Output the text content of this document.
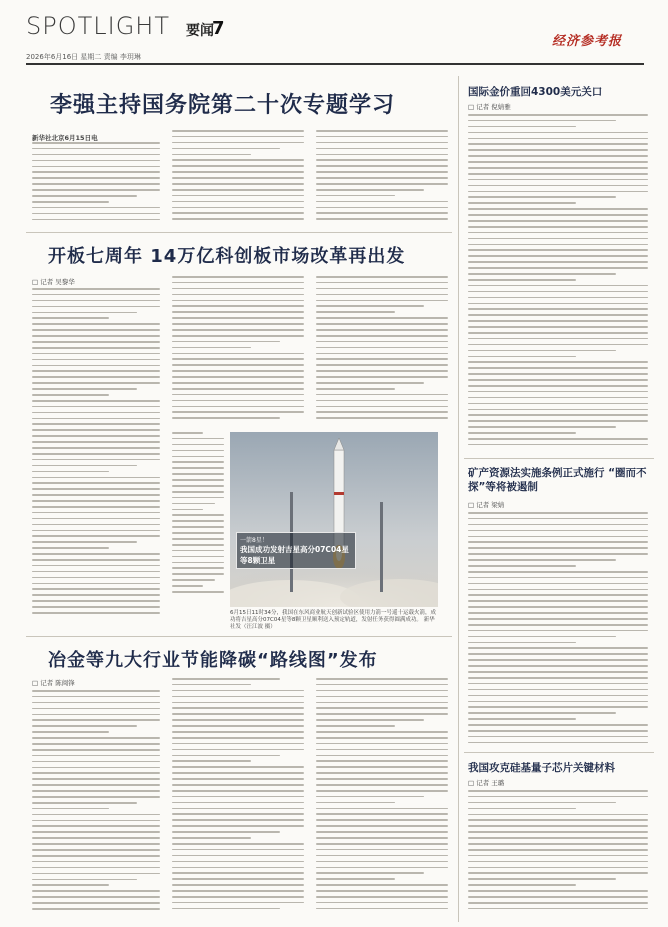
SPOTLIGHT 要闻
7
2026年6月16日 星期二 责编 李玥琳
经济参考报
李强主持国务院第二十次专题学习
新华社北京6月15日电
开板七周年 14万亿科创板市场改革再出发
□ 记者 吴黎华
一箭8星！
我国成功发射吉星高分07C04星等8颗卫星
6月15日11时34分，我国在东风商业航天创新试验区使用力箭一号遥十运载火箭，成功将吉星高分07C04星等8颗卫星顺利送入预定轨道，发射任务获得圆满成功。 新华社发（汪江波 摄）
冶金等九大行业节能降碳“路线图”发布
□ 记者 陈闽锋
国际金价重回4300美元关口
□ 记者 倪婧雅
矿产资源法实施条例正式施行 “圈而不探”等将被遏制
□ 记者 梁婧
我国攻克硅基量子芯片关键材料
□ 记者 王璐
